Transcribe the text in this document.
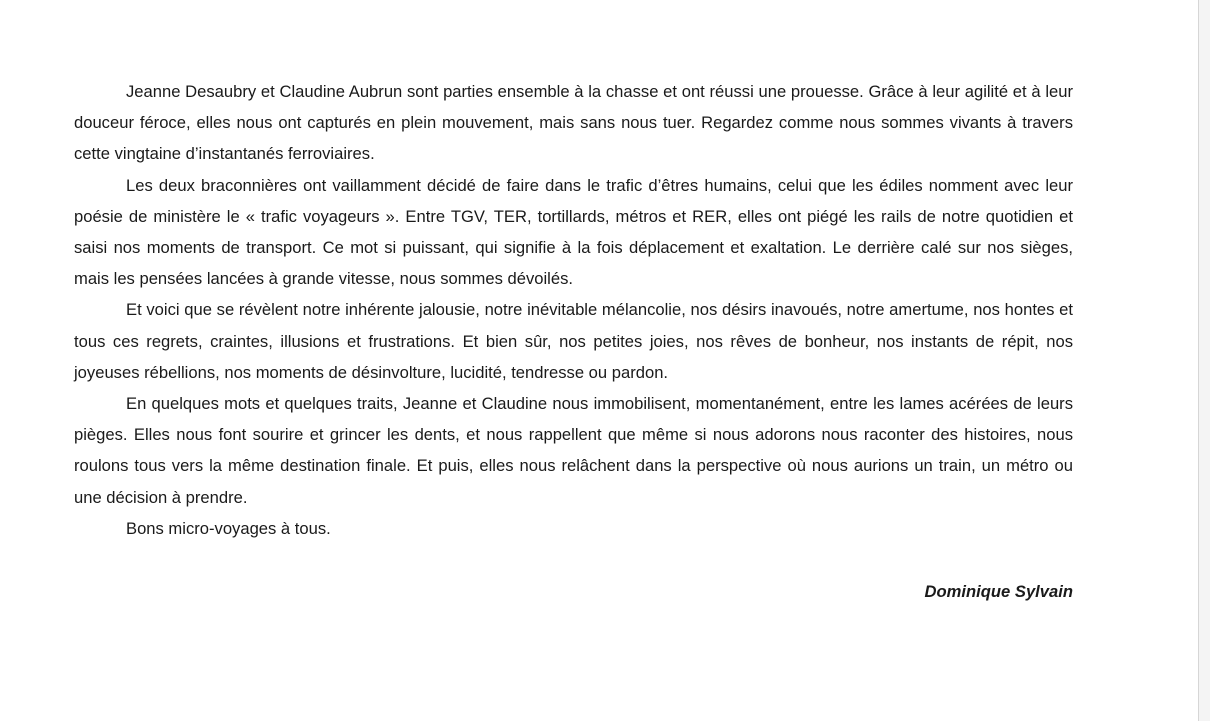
Jeanne Desaubry et Claudine Aubrun sont parties ensemble à la chasse et ont réussi une prouesse. Grâce à leur agilité et à leur douceur féroce, elles nous ont capturés en plein mouvement, mais sans nous tuer. Regardez comme nous sommes vivants à travers cette vingtaine d’instantanés ferroviaires.

Les deux braconnières ont vaillamment décidé de faire dans le trafic d’êtres humains, celui que les édiles nomment avec leur poésie de ministère le « trafic voyageurs ». Entre TGV, TER, tortillards, métros et RER, elles ont piégé les rails de notre quotidien et saisi nos moments de transport. Ce mot si puissant, qui signifie à la fois déplacement et exaltation. Le derrière calé sur nos sièges, mais les pensées lancées à grande vitesse, nous sommes dévoilés.

Et voici que se révèlent notre inhérente jalousie, notre inévitable mélancolie, nos désirs inavoués, notre amertume, nos hontes et tous ces regrets, craintes, illusions et frustrations. Et bien sûr, nos petites joies, nos rêves de bonheur, nos instants de répit, nos joyeuses rébellions, nos moments de désinvolture, lucidité, tendresse ou pardon.

En quelques mots et quelques traits, Jeanne et Claudine nous immobilisent, momentanément, entre les lames acérées de leurs pièges. Elles nous font sourire et grincer les dents, et nous rappellent que même si nous adorons nous raconter des histoires, nous roulons tous vers la même destination finale. Et puis, elles nous relâchent dans la perspective où nous aurions un train, un métro ou une décision à prendre.

Bons micro-voyages à tous.

Dominique Sylvain
